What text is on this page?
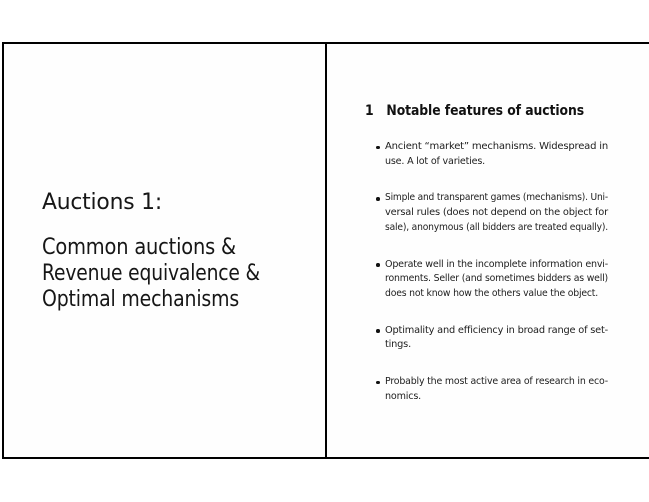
Auctions 1:
Common auctions &
Revenue equivalence &
Optimal mechanisms
1 Notable features of auctions
Ancient “market” mechanisms. Widespread in
use. A lot of varieties.
Simple and transparent games (mechanisms). Uni-
versal rules (does not depend on the object for
sale), anonymous (all bidders are treated equally).
Operate well in the incomplete information envi-
ronments. Seller (and sometimes bidders as well)
does not know how the others value the object.
Optimality and efficiency in broad range of set-
tings.
Probably the most active area of research in eco-
nomics.
